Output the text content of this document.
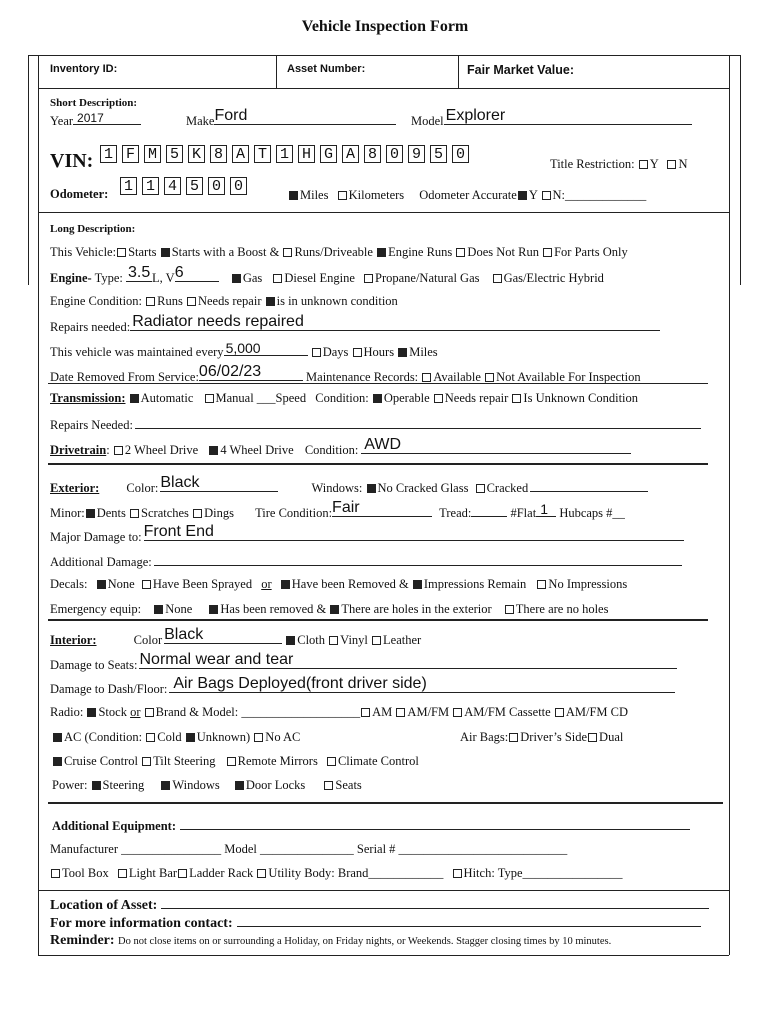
Vehicle Inspection Form
Inventory ID:	Asset Number:	Fair Market Value:
Short Description:
Year 2017	Make Ford	Model Explorer
VIN: 1 F M 5 K 8 A T 1 H G A 8 0 9 5 0
Title Restriction: Y N
Odometer: 1 1 4 5 0 0	Miles Kilometers Odometer Accurate Y N:_____________
Long Description:
This Vehicle: Starts Starts with a Boost & Runs/Driveable Engine Runs Does Not Run For Parts Only
Engine- Type: 3.5 L, V 6	Gas Diesel Engine Propane/Natural Gas Gas/Electric Hybrid
Engine Condition: Runs Needs repair is in unknown condition
Repairs needed: Radiator needs repaired
This vehicle was maintained every 5,000	Days Hours Miles
Date Removed From Service: 06/02/23	Maintenance Records: Available Not Available For Inspection
Transmission: Automatic Manual ___Speed Condition: Operable Needs repair Is Unknown Condition
Repairs Needed:
Drivetrain: 2 Wheel Drive 4 Wheel Drive Condition: AWD
Exterior: Color: Black	Windows: No Cracked Glass Cracked
Minor: Dents Scratches Dings Tire Condition: Fair	Tread:	#Flat 1 Hubcaps #__
Major Damage to: Front End
Additional Damage:
Decals: None Have Been Sprayed or Have been Removed & Impressions Remain No Impressions
Emergency equip: None Has been removed & There are holes in the exterior There are no holes
Interior:	Color Black	Cloth Vinyl Leather
Damage to Seats: Normal wear and tear
Damage to Dash/Floor: Air Bags Deployed(front driver side)
Radio: Stock or Brand & Model: ___________________ AM AM/FM AM/FM Cassette AM/FM CD
AC (Condition: Cold Unknown) No AC	Air Bags: Driver’s Side Dual
Cruise Control Tilt Steering Remote Mirrors Climate Control
Power: Steering Windows Door Locks Seats
Additional Equipment:
Manufacturer ________________ Model _______________ Serial # ___________________________
Tool Box Light Bar Ladder Rack Utility Body: Brand____________ Hitch: Type________________
Location of Asset:
For more information contact:
Reminder: Do not close items on or surrounding a Holiday, on Friday nights, or Weekends. Stagger closing times by 10 minutes.
